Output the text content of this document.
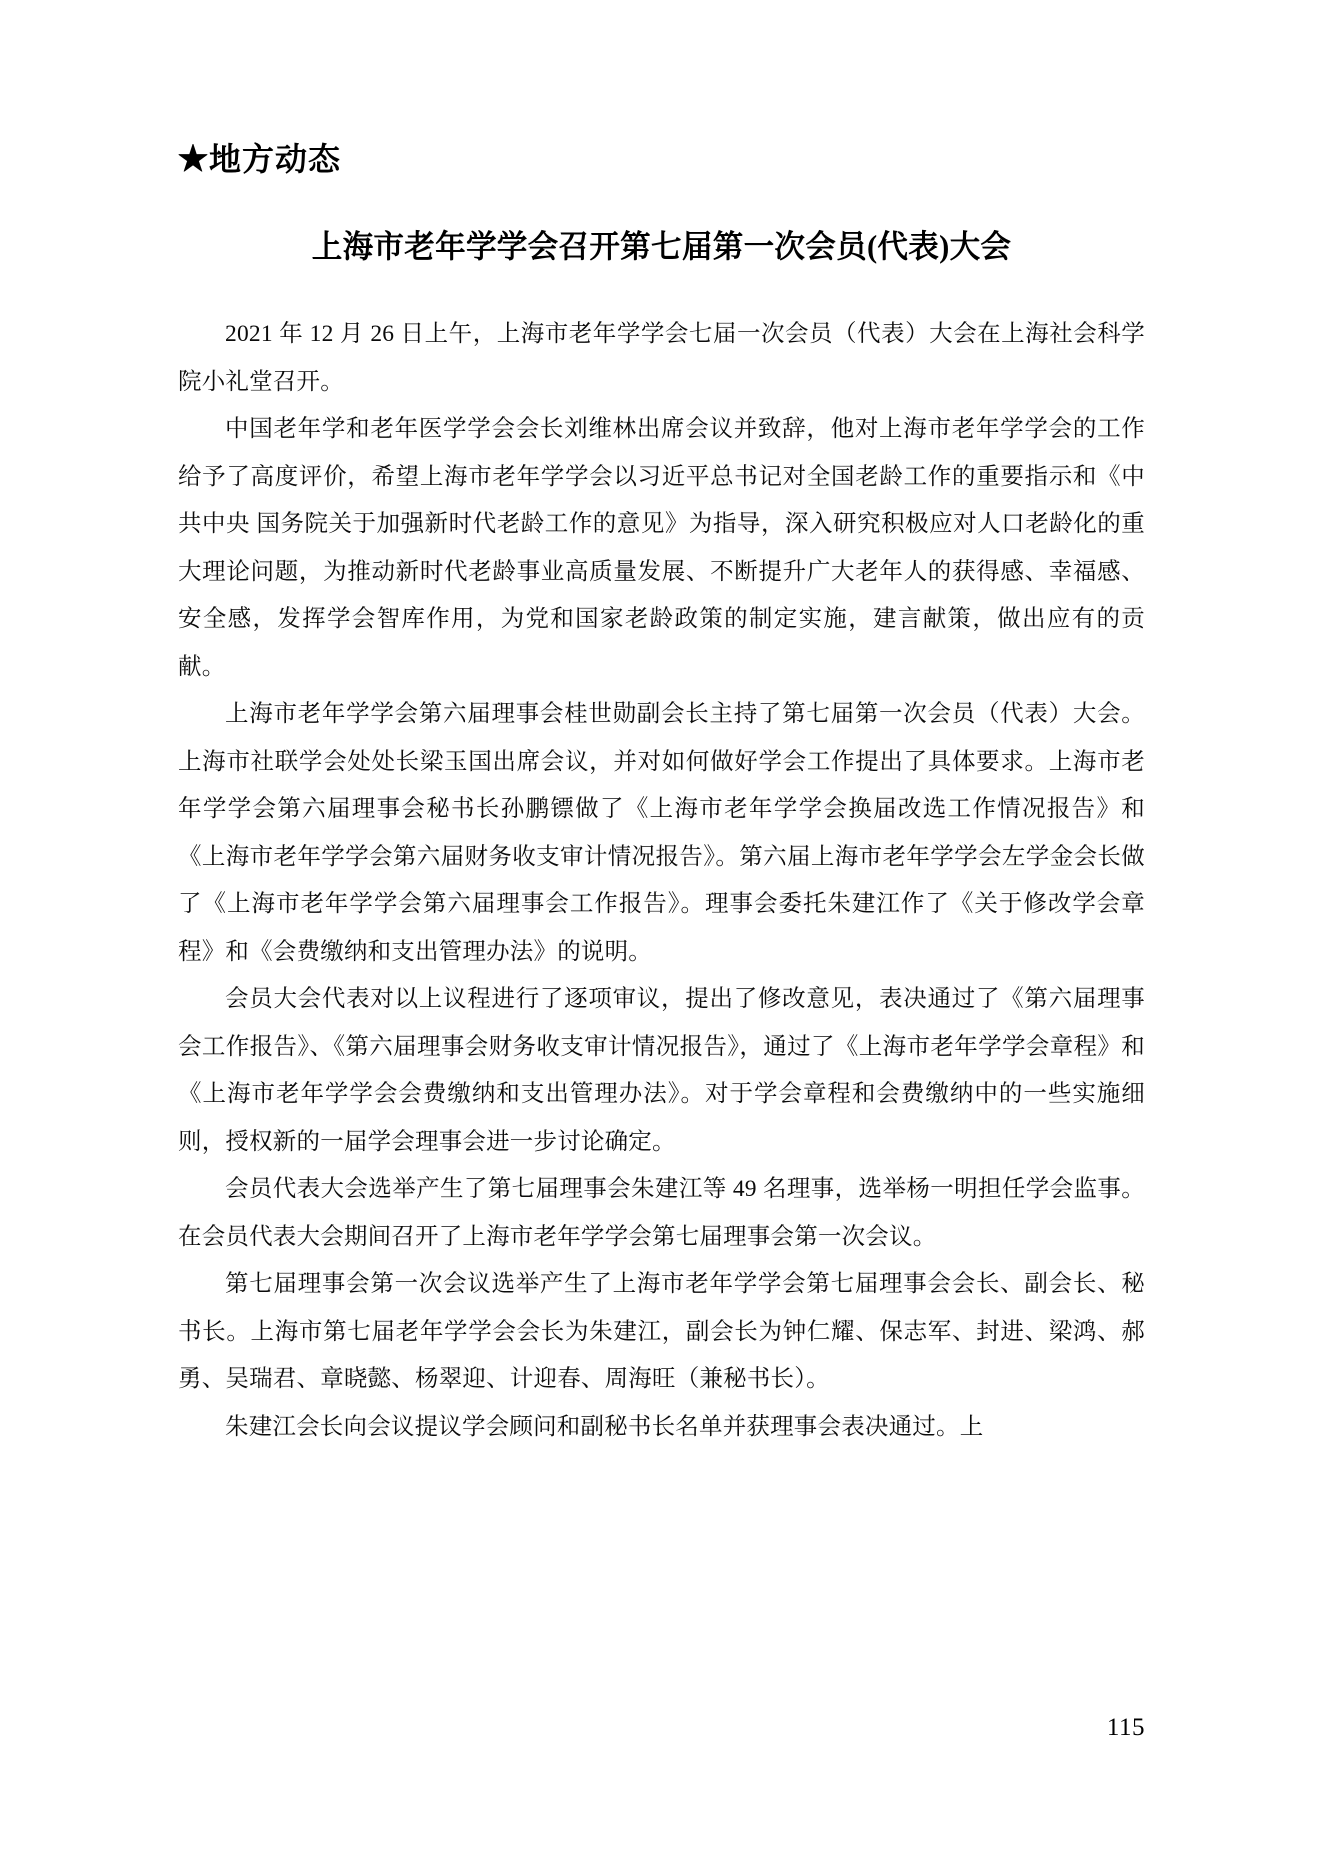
★地方动态
上海市老年学学会召开第七届第一次会员(代表)大会

2021 年 12 月 26 日上午，上海市老年学学会七届一次会员（代表）大会在上海社会科学院小礼堂召开。

中国老年学和老年医学学会会长刘维林出席会议并致辞，他对上海市老年学学会的工作给予了高度评价，希望上海市老年学学会以习近平总书记对全国老龄工作的重要指示和《中共中央 国务院关于加强新时代老龄工作的意见》为指导，深入研究积极应对人口老龄化的重大理论问题，为推动新时代老龄事业高质量发展、不断提升广大老年人的获得感、幸福感、安全感，发挥学会智库作用，为党和国家老龄政策的制定实施，建言献策，做出应有的贡献。

上海市老年学学会第六届理事会桂世勋副会长主持了第七届第一次会员（代表）大会。上海市社联学会处处长梁玉国出席会议，并对如何做好学会工作提出了具体要求。上海市老年学学会第六届理事会秘书长孙鹏镖做了《上海市老年学学会换届改选工作情况报告》和《上海市老年学学会第六届财务收支审计情况报告》。第六届上海市老年学学会左学金会长做了《上海市老年学学会第六届理事会工作报告》。理事会委托朱建江作了《关于修改学会章程》和《会费缴纳和支出管理办法》的说明。

会员大会代表对以上议程进行了逐项审议，提出了修改意见，表决通过了《第六届理事会工作报告》、《第六届理事会财务收支审计情况报告》，通过了《上海市老年学学会章程》和《上海市老年学学会会费缴纳和支出管理办法》。对于学会章程和会费缴纳中的一些实施细则，授权新的一届学会理事会进一步讨论确定。

会员代表大会选举产生了第七届理事会朱建江等 49 名理事，选举杨一明担任学会监事。在会员代表大会期间召开了上海市老年学学会第七届理事会第一次会议。

第七届理事会第一次会议选举产生了上海市老年学学会第七届理事会会长、副会长、秘书长。上海市第七届老年学学会会长为朱建江，副会长为钟仁耀、保志军、封进、梁鸿、郝勇、吴瑞君、章晓懿、杨翠迎、计迎春、周海旺（兼秘书长）。

朱建江会长向会议提议学会顾问和副秘书长名单并获理事会表决通过。上

115
